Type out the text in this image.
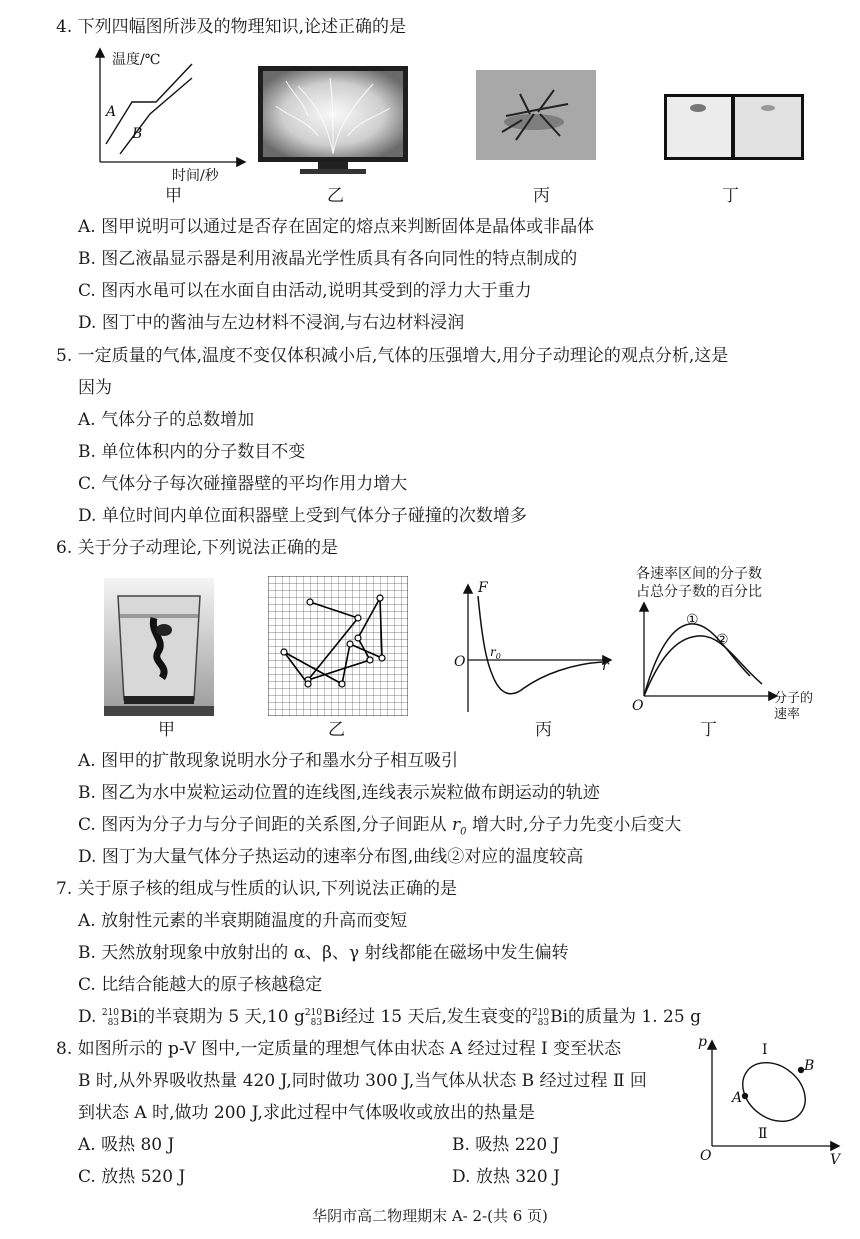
4. 下列四幅图所涉及的物理知识,论述正确的是
温度/℃
A
B
时间/秒
甲	乙	丙	丁
A. 图甲说明可以通过是否存在固定的熔点来判断固体是晶体或非晶体
B. 图乙液晶显示器是利用液晶光学性质具有各向同性的特点制成的
C. 图丙水黾可以在水面自由活动,说明其受到的浮力大于重力
D. 图丁中的酱油与左边材料不浸润,与右边材料浸润
5. 一定质量的气体,温度不变仅体积减小后,气体的压强增大,用分子动理论的观点分析,这是
因为
A. 气体分子的总数增加
B. 单位体积内的分子数目不变
C. 气体分子每次碰撞器壁的平均作用力增大
D. 单位时间内单位面积器壁上受到气体分子碰撞的次数增多
6. 关于分子动理论,下列说法正确的是
F
O
$r_0$
r
各速率区间的分子数
占总分子数的百分比
①
②
O	分子的
速率
甲	乙	丙	丁
A. 图甲的扩散现象说明水分子和墨水分子相互吸引
B. 图乙为水中炭粒运动位置的连线图,连线表示炭粒做布朗运动的轨迹
C. 图丙为分子力与分子间距的关系图,分子间距从 $r_0$ 增大时,分子力先变小后变大
D. 图丁为大量气体分子热运动的速率分布图,曲线②对应的温度较高
7. 关于原子核的组成与性质的认识,下列说法正确的是
A. 放射性元素的半衰期随温度的升高而变短
B. 天然放射现象中放射出的 α、β、γ 射线都能在磁场中发生偏转
C. 比结合能越大的原子核越稳定
D. 210
83 Bi的半衰期为 5 天,10 g 210
83 Bi经过 15 天后,发生衰变的 210
83 Bi的质量为 1. 25 g
8. 如图所示的 p-V 图中,一定质量的理想气体由状态 A 经过过程 Ⅰ 变至状态
B 时,从外界吸收热量 420 J,同时做功 300 J,当气体从状态 B 经过过程 Ⅱ 回
到状态 A 时,做功 200 J,求此过程中气体吸收或放出的热量是
A. 吸热 80 J	B. 吸热 220 J
C. 放热 520 J	D. 放热 320 J
p
O	V
Ⅰ
Ⅱ
A
B
华阴市高二物理期末 A- 2-(共 6 页)
